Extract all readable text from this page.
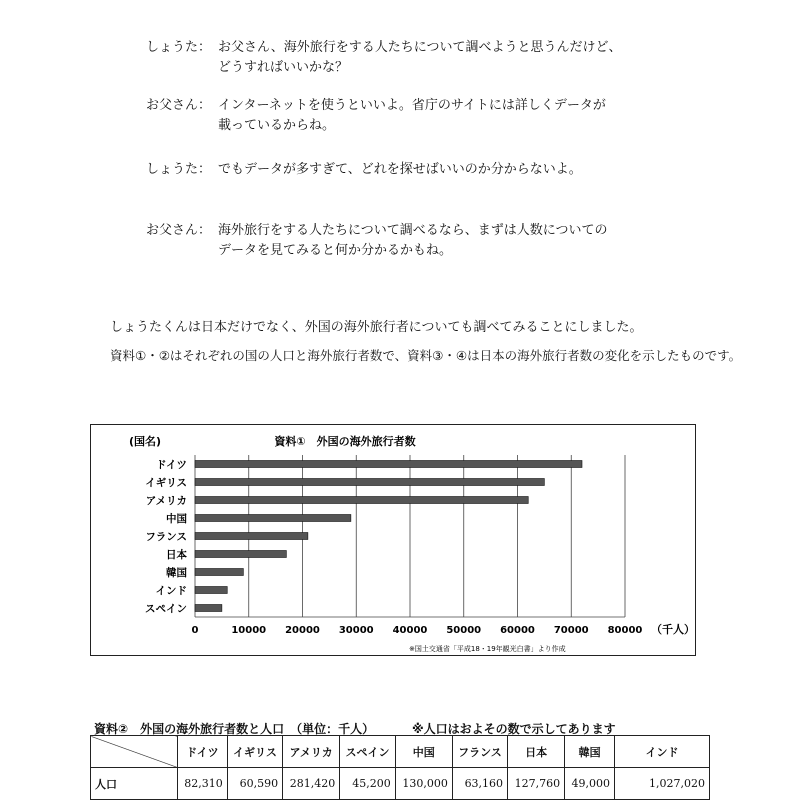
しょうた： お父さん、海外旅行をする人たちについて調べようと思うんだけど、
どうすればいいかな？
お父さん： インターネットを使うといいよ。省庁のサイトには詳しくデータが
載っているからね。
しょうた： でもデータが多すぎて、どれを探せばいいのか分からないよ。
お父さん： 海外旅行をする人たちについて調べるなら、まずは人数についての
データを見てみると何か分かるかもね。
しょうたくんは日本だけでなく、外国の海外旅行者についても調べてみることにしました。
資料①・②はそれぞれの国の人口と海外旅行者数で、資料③・④は日本の海外旅行者数の変化を示したものです。
資料①　外国の海外旅行者数
(国名)
（千人）
※国土交通省「平成18・19年観光白書」より作成
ドイツ
イギリス
アメリカ
中国
フランス
日本
韓国
インド
スペイン
0	10000 20000 30000 40000 50000 60000 70000 80000
資料②　外国の海外旅行者数と人口　（単位：千人）	※人口はおよその数で示してあります
	ドイツ	イギリス	アメリカ	スペイン	中国	フランス	日本	韓国	インド
人口	82,310	60,590	281,420	45,200	130,000	63,160	127,760	49,000	1,027,020
